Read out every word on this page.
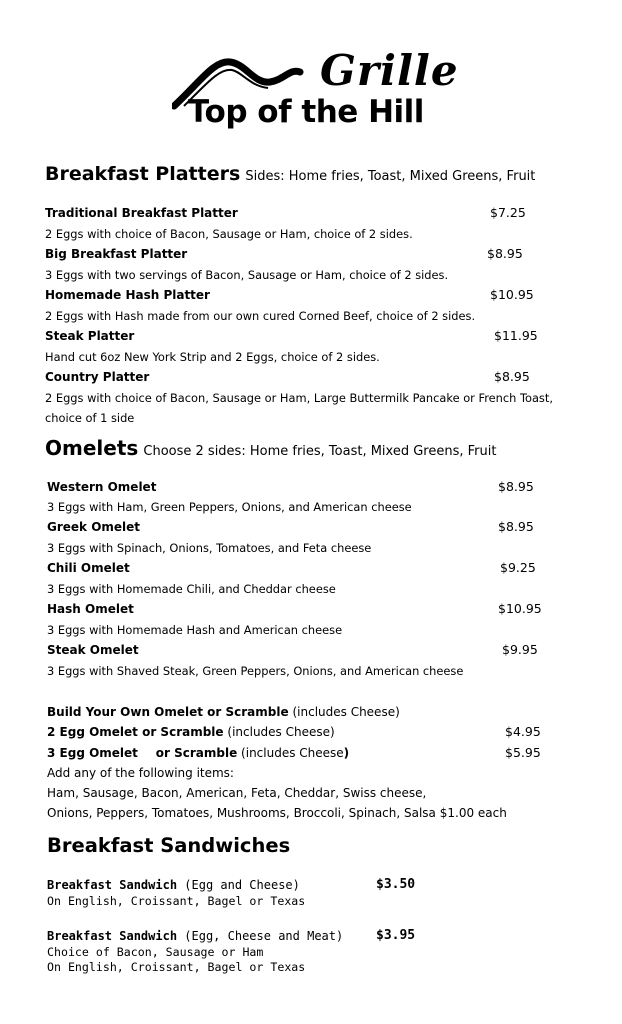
Grille
Top of the Hill
Breakfast Platters Sides: Home fries, Toast, Mixed Greens, Fruit
Traditional Breakfast Platter	$7.25
2 Eggs with choice of Bacon, Sausage or Ham, choice of 2 sides.
Big Breakfast Platter	$8.95
3 Eggs with two servings of Bacon, Sausage or Ham, choice of 2 sides.
Homemade Hash Platter	$10.95
2 Eggs with Hash made from our own cured Corned Beef, choice of 2 sides.
Steak Platter	$11.95
Hand cut 6oz New York Strip and 2 Eggs, choice of 2 sides.
Country Platter	$8.95
2 Eggs with choice of Bacon, Sausage or Ham, Large Buttermilk Pancake or French Toast,
choice of 1 side
Omelets Choose 2 sides: Home fries, Toast, Mixed Greens, Fruit
Western Omelet	$8.95
3 Eggs with Ham, Green Peppers, Onions, and American cheese
Greek Omelet	$8.95
3 Eggs with Spinach, Onions, Tomatoes, and Feta cheese
Chili Omelet	$9.25
3 Eggs with Homemade Chili, and Cheddar cheese
Hash Omelet	$10.95
3 Eggs with Homemade Hash and American cheese
Steak Omelet	$9.95
3 Eggs with Shaved Steak, Green Peppers, Onions, and American cheese
Build Your Own Omelet or Scramble (includes Cheese)
2 Egg Omelet or Scramble (includes Cheese)	$4.95
3 Egg Omelet or Scramble (includes Cheese)	$5.95
Add any of the following items:
Ham, Sausage, Bacon, American, Feta, Cheddar, Swiss cheese,
Onions, Peppers, Tomatoes, Mushrooms, Broccoli, Spinach, Salsa $1.00 each
Breakfast Sandwiches
Breakfast Sandwich (Egg and Cheese)	$3.50
On English, Croissant, Bagel or Texas
Breakfast Sandwich (Egg, Cheese and Meat)	$3.95
Choice of Bacon, Sausage or Ham
On English, Croissant, Bagel or Texas
